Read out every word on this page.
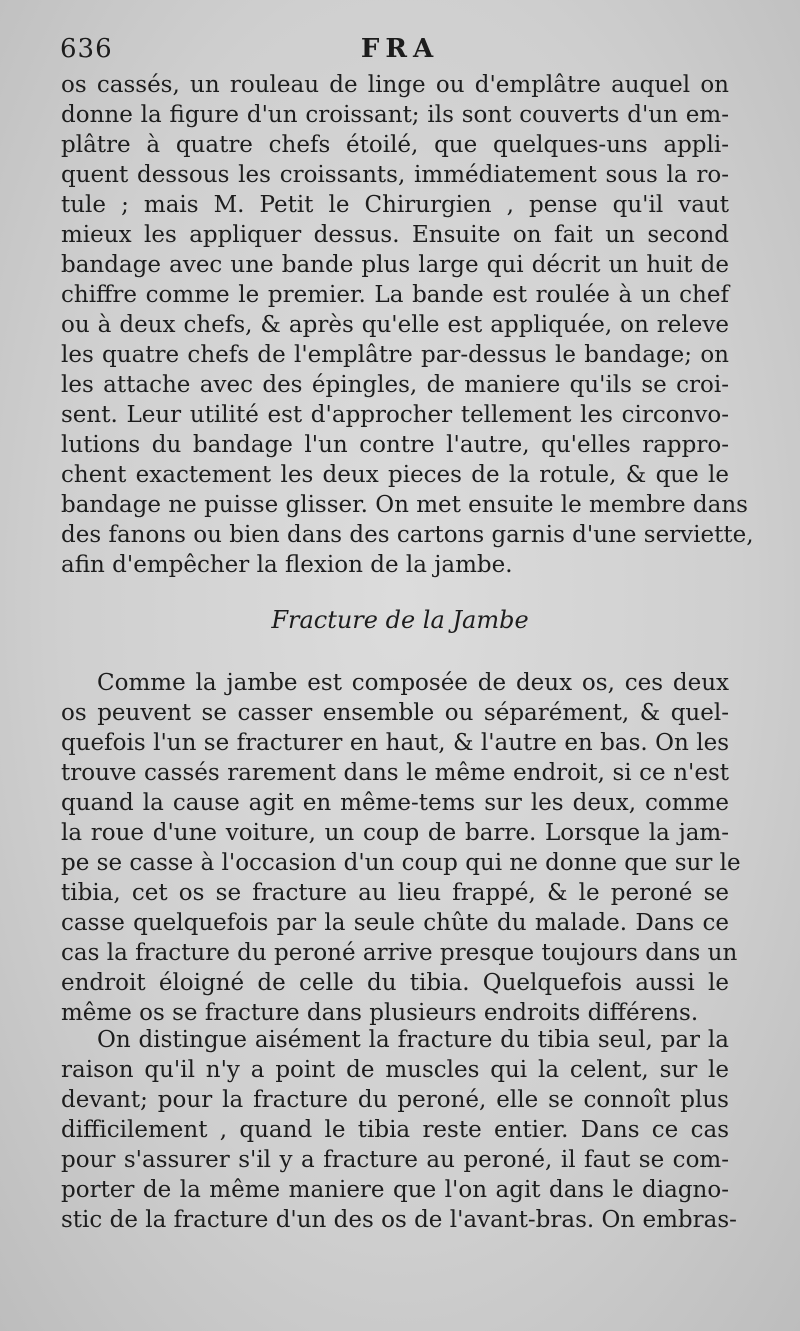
636	FRA
os cassés, un rouleau de linge ou d'emplâtre auquel on
donne la figure d'un croissant; ils sont couverts d'un em-
plâtre à quatre chefs étoilé, que quelques-uns appli-
quent dessous les croissants, immédiatement sous la ro-
tule ; mais M. Petit le Chirurgien , pense qu'il vaut
mieux les appliquer dessus. Ensuite on fait un second
bandage avec une bande plus large qui décrit un huit de
chiffre comme le premier. La bande est roulée à un chef
ou à deux chefs, & après qu'elle est appliquée, on releve
les quatre chefs de l'emplâtre par-dessus le bandage; on
les attache avec des épingles, de maniere qu'ils se croi-
sent. Leur utilité est d'approcher tellement les circonvo-
lutions du bandage l'un contre l'autre, qu'elles rappro-
chent exactement les deux pieces de la rotule, & que le
bandage ne puisse glisser. On met ensuite le membre dans
des fanons ou bien dans des cartons garnis d'une serviette,
afin d'empêcher la flexion de la jambe.
Fracture de la Jambe
Comme la jambe est composée de deux os, ces deux
os peuvent se casser ensemble ou séparément, & quel-
quefois l'un se fracturer en haut, & l'autre en bas. On les
trouve cassés rarement dans le même endroit, si ce n'est
quand la cause agit en même-tems sur les deux, comme
la roue d'une voiture, un coup de barre. Lorsque la jam-
pe se casse à l'occasion d'un coup qui ne donne que sur le
tibia, cet os se fracture au lieu frappé, & le peroné se
casse quelquefois par la seule chûte du malade. Dans ce
cas la fracture du peroné arrive presque toujours dans un
endroit éloigné de celle du tibia. Quelquefois aussi le
même os se fracture dans plusieurs endroits différens.
On distingue aisément la fracture du tibia seul, par la
raison qu'il n'y a point de muscles qui la celent, sur le
devant; pour la fracture du peroné, elle se connoît plus
difficilement , quand le tibia reste entier. Dans ce cas
pour s'assurer s'il y a fracture au peroné, il faut se com-
porter de la même maniere que l'on agit dans le diagno-
stic de la fracture d'un des os de l'avant-bras. On embras-
